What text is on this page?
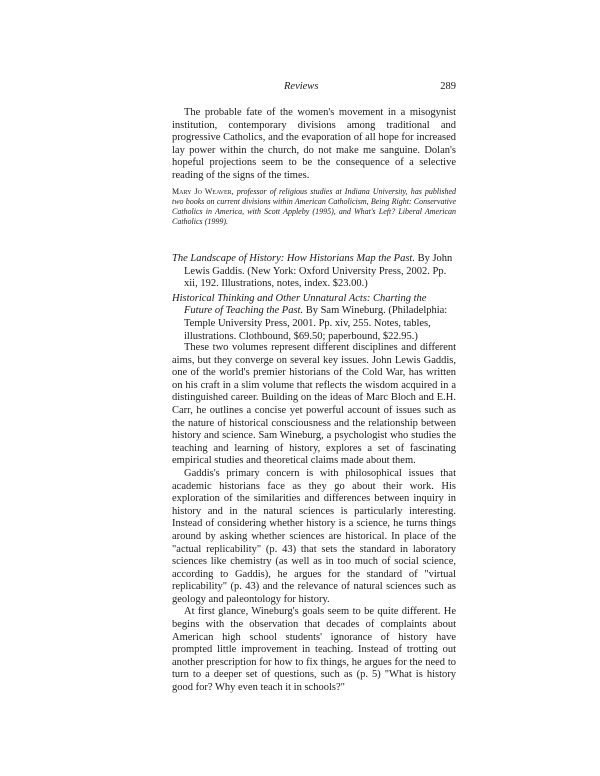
Reviews	289

The probable fate of the women's movement in a misogynist institution, contemporary divisions among traditional and progressive Catholics, and the evaporation of all hope for increased lay power within the church, do not make me sanguine. Dolan's hopeful projections seem to be the consequence of a selective reading of the signs of the times.

Mary Jo Weaver, professor of religious studies at Indiana University, has published two books on current divisions within American Catholicism, Being Right: Conservative Catholics in America, with Scott Appleby (1995), and What's Left? Liberal American Catholics (1999).

The Landscape of History: How Historians Map the Past. By John Lewis Gaddis. (New York: Oxford University Press, 2002. Pp. xii, 192. Illustrations, notes, index. $23.00.)

Historical Thinking and Other Unnatural Acts: Charting the Future of Teaching the Past. By Sam Wineburg. (Philadelphia: Temple University Press, 2001. Pp. xiv, 255. Notes, tables, illustrations. Clothbound, $69.50; paperbound, $22.95.)

These two volumes represent different disciplines and different aims, but they converge on several key issues. John Lewis Gaddis, one of the world's premier historians of the Cold War, has written on his craft in a slim volume that reflects the wisdom acquired in a distinguished career. Building on the ideas of Marc Bloch and E.H. Carr, he outlines a concise yet powerful account of issues such as the nature of historical consciousness and the relationship between history and science. Sam Wineburg, a psychologist who studies the teaching and learning of history, explores a set of fascinating empirical studies and theoretical claims made about them.

Gaddis's primary concern is with philosophical issues that academic historians face as they go about their work. His exploration of the similarities and differences between inquiry in history and in the natural sciences is particularly interesting. Instead of considering whether history is a science, he turns things around by asking whether sciences are historical. In place of the "actual replicability" (p. 43) that sets the standard in laboratory sciences like chemistry (as well as in too much of social science, according to Gaddis), he argues for the standard of "virtual replicability" (p. 43) and the relevance of natural sciences such as geology and paleontology for history.

At first glance, Wineburg's goals seem to be quite different. He begins with the observation that decades of complaints about American high school students' ignorance of history have prompted little improvement in teaching. Instead of trotting out another prescription for how to fix things, he argues for the need to turn to a deeper set of questions, such as (p. 5) "What is history good for? Why even teach it in schools?"
